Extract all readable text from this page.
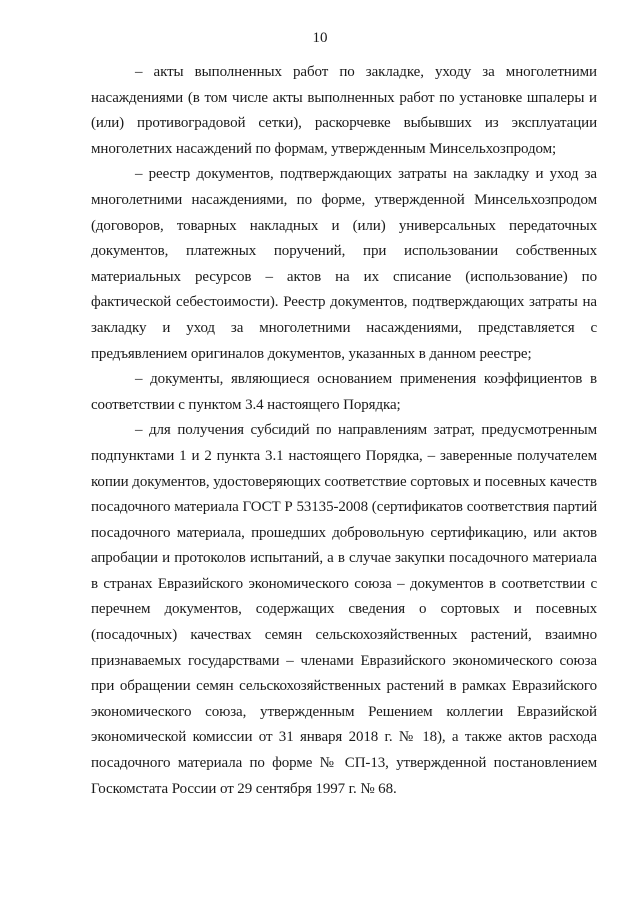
10

– акты выполненных работ по закладке, уходу за многолетними насаждениями (в том числе акты выполненных работ по установке шпалеры и (или) противоградовой сетки), раскорчевке выбывших из эксплуатации многолетних насаждений по формам, утвержденным Минсельхозпродом;

– реестр документов, подтверждающих затраты на закладку и уход за многолетними насаждениями, по форме, утвержденной Минсельхозпродом (договоров, товарных накладных и (или) универсальных передаточных документов, платежных поручений, при использовании собственных материальных ресурсов – актов на их списание (использование) по фактической себестоимости). Реестр документов, подтверждающих затраты на закладку и уход за многолетними насаждениями, представляется с предъявлением оригиналов документов, указанных в данном реестре;

– документы, являющиеся основанием применения коэффициентов в соответствии с пунктом 3.4 настоящего Порядка;

– для получения субсидий по направлениям затрат, предусмотренным подпунктами 1 и 2 пункта 3.1 настоящего Порядка, – заверенные получателем копии документов, удостоверяющих соответствие сортовых и посевных качеств посадочного материала ГОСТ Р 53135-2008 (сертификатов соответствия партий посадочного материала, прошедших добровольную сертификацию, или актов апробации и протоколов испытаний, а в случае закупки посадочного материала в странах Евразийского экономического союза – документов в соответствии с перечнем документов, содержащих сведения о сортовых и посевных (посадочных) качествах семян сельскохозяйственных растений, взаимно признаваемых государствами – членами Евразийского экономического союза при обращении семян сельскохозяйственных растений в рамках Евразийского экономического союза, утвержденным Решением коллегии Евразийской экономической комиссии от 31 января 2018 г. № 18), а также актов расхода посадочного материала по форме № СП-13, утвержденной постановлением Госкомстата России от 29 сентября 1997 г. № 68.
